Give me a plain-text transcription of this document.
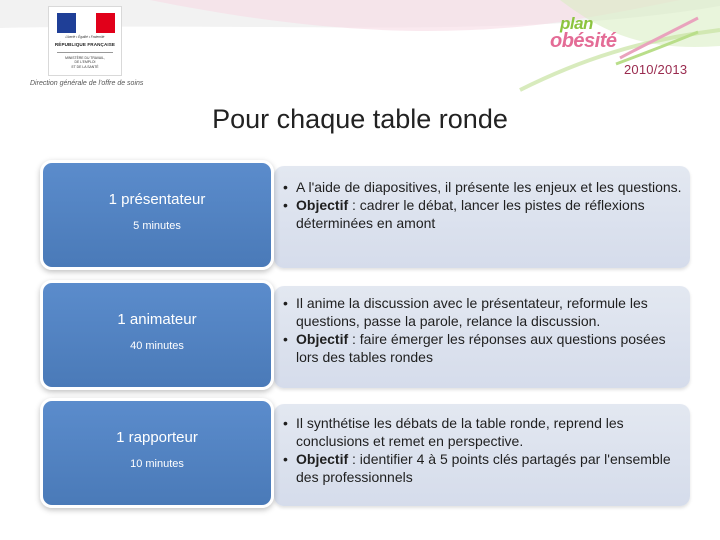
Liberté • Égalité • Fraternité
RÉPUBLIQUE FRANÇAISE
MINISTÈRE DU TRAVAIL,
DE L'EMPLOI
ET DE LA SANTÉ
Direction générale de l'offre de soins
plan
obésité
2010/2013
Pour chaque table ronde
1 présentateur
5 minutes
• A l'aide de diapositives, il présente les enjeux et les questions.
• Objectif : cadrer le débat, lancer les pistes de réflexions déterminées en amont
1 animateur
40 minutes
• Il anime la discussion avec le présentateur, reformule les questions, passe la parole, relance la discussion.
• Objectif : faire émerger les réponses aux questions posées lors des tables rondes
1 rapporteur
10 minutes
• Il synthétise les débats de la table ronde, reprend les conclusions et remet en perspective.
• Objectif : identifier 4 à 5 points clés partagés par l'ensemble des professionnels
